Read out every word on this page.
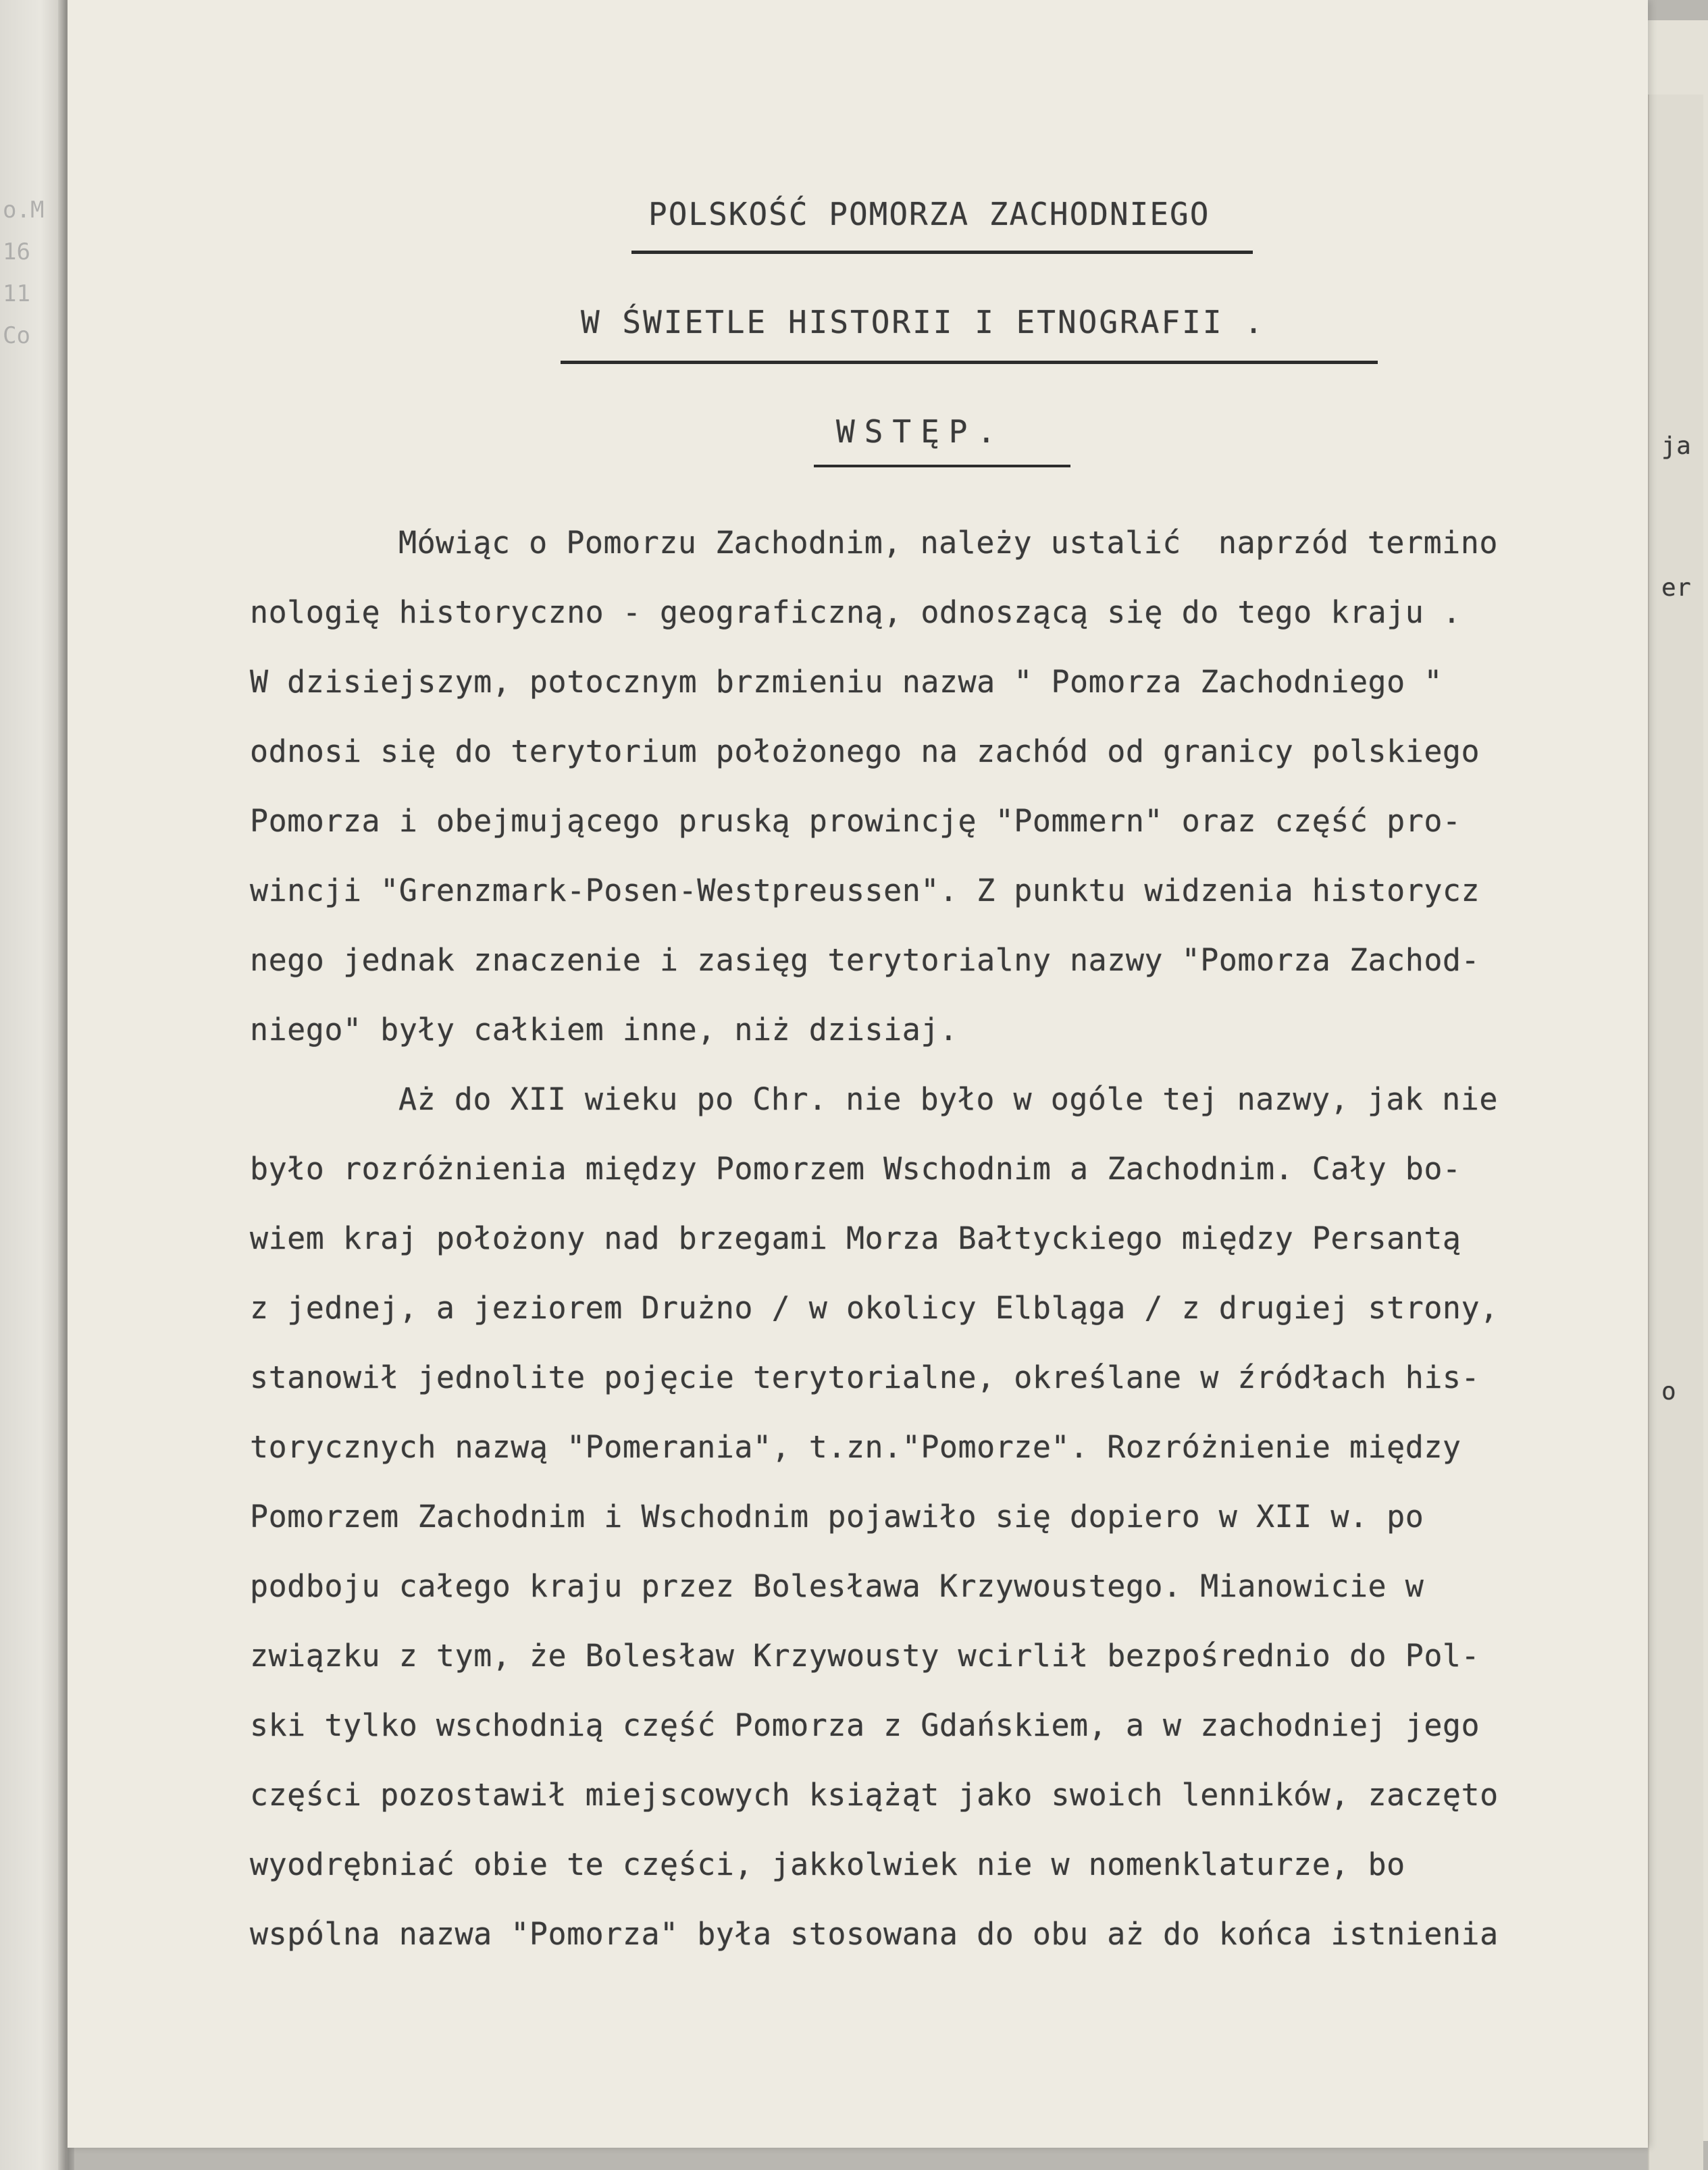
o.M
16
11
Co
ja
er
o

POLSKOŚĆ POMORZA ZACHODNIEGO
W ŚWIETLE HISTORII I ETNOGRAFII .
WSTĘP.
Mówiąc o Pomorzu Zachodnim, należy ustalić  naprzód termino
nologię historyczno - geograficzną, odnoszącą się do tego kraju .
W dzisiejszym, potocznym brzmieniu nazwa " Pomorza Zachodniego "
odnosi się do terytorium położonego na zachód od granicy polskiego
Pomorza i obejmującego pruską prowincję "Pommern" oraz część pro-
wincji "Grenzmark-Posen-Westpreussen". Z punktu widzenia historycz
nego jednak znaczenie i zasięg terytorialny nazwy "Pomorza Zachod-
niego" były całkiem inne, niż dzisiaj.
Aż do XII wieku po Chr. nie było w ogóle tej nazwy, jak nie
było rozróżnienia między Pomorzem Wschodnim a Zachodnim. Cały bo-
wiem kraj położony nad brzegami Morza Bałtyckiego między Persantą
z jednej, a jeziorem Drużno / w okolicy Elbląga / z drugiej strony,
stanowił jednolite pojęcie terytorialne, określane w źródłach his-
torycznych nazwą "Pomerania", t.zn."Pomorze". Rozróżnienie między
Pomorzem Zachodnim i Wschodnim pojawiło się dopiero w XII w. po
podboju całego kraju przez Bolesława Krzywoustego. Mianowicie w
związku z tym, że Bolesław Krzywousty wcirlił bezpośrednio do Pol-
ski tylko wschodnią część Pomorza z Gdańskiem, a w zachodniej jego
części pozostawił miejscowych książąt jako swoich lenników, zaczęto
wyodrębniać obie te części, jakkolwiek nie w nomenklaturze, bo
wspólna nazwa "Pomorza" była stosowana do obu aż do końca istnienia
